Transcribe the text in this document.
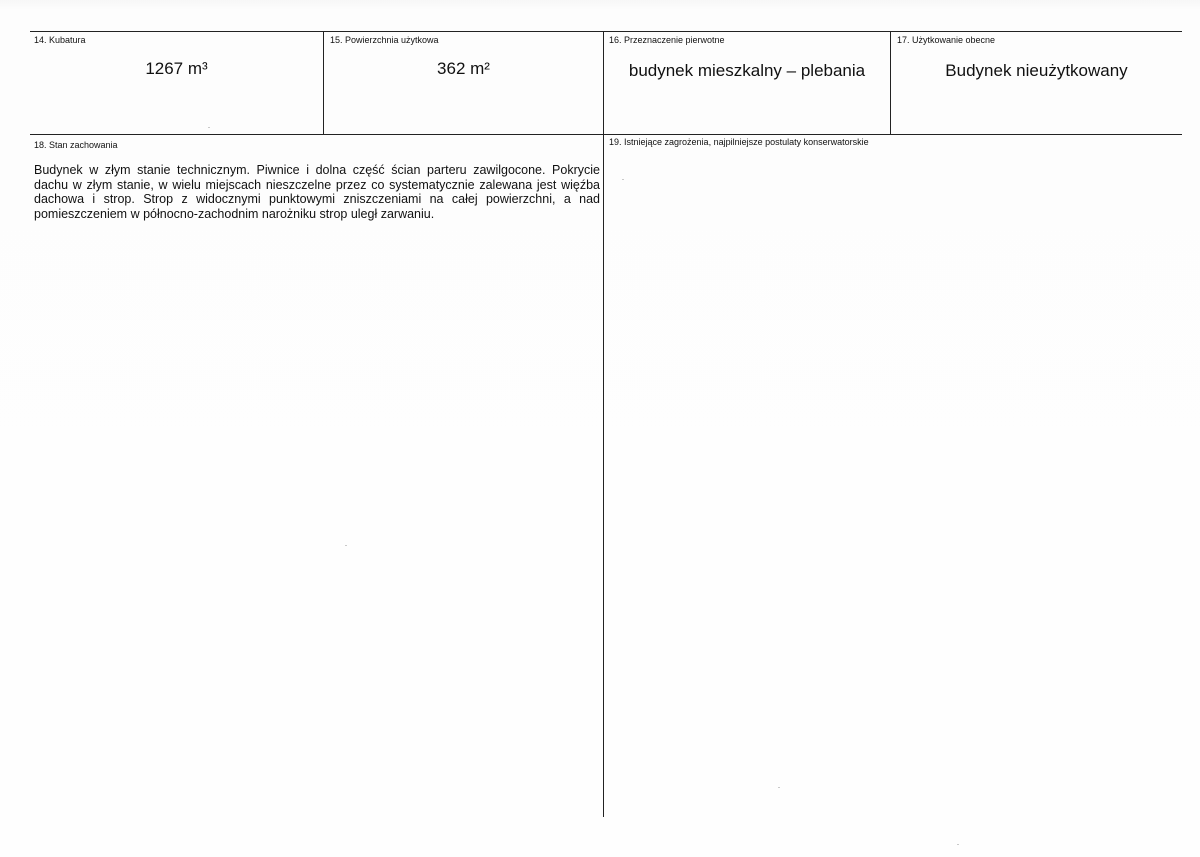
14. Kubatura
1267 m³
15. Powierzchnia użytkowa
362 m²
16. Przeznaczenie pierwotne
budynek mieszkalny – plebania
17. Użytkowanie obecne
Budynek nieużytkowany
18. Stan zachowania
Budynek w złym stanie technicznym. Piwnice i dolna część ścian parteru zawilgocone. Pokrycie dachu w złym stanie, w wielu miejscach nieszczelne przez co systematycznie zalewana jest więźba dachowa i strop. Strop z widocznymi punktowymi zniszczeniami na całej powierzchni, a nad pomieszczeniem w północno-zachodnim narożniku strop uległ zarwaniu.
19. Istniejące zagrożenia, najpilniejsze postulaty konserwatorskie
